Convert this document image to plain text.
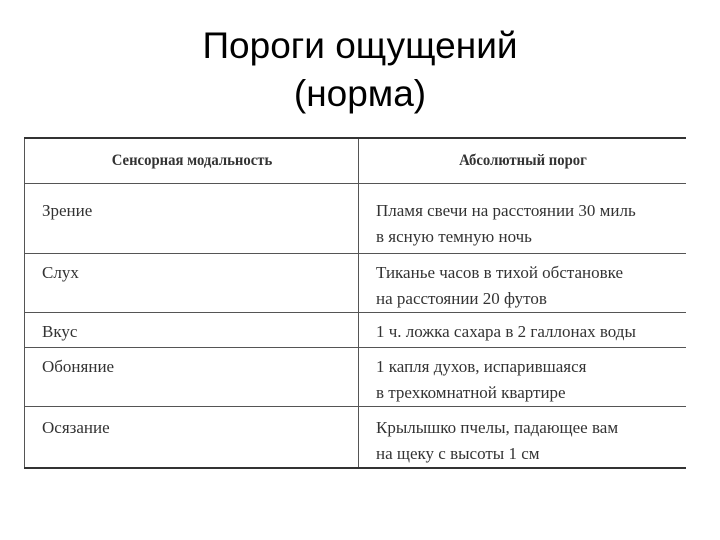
Пороги ощущений
(норма)
Сенсорная модальность	Абсолютный порог
Зрение	Пламя свечи на расстоянии 30 миль
в ясную темную ночь

Слух	Тиканье часов в тихой обстановке
на расстоянии 20 футов

Вкус	1 ч. ложка сахара в 2 галлонах воды

Обоняние	1 капля духов, испарившаяся
в трехкомнатной квартире

Осязание	Крылышко пчелы, падающее вам
на щеку с высоты 1 см
